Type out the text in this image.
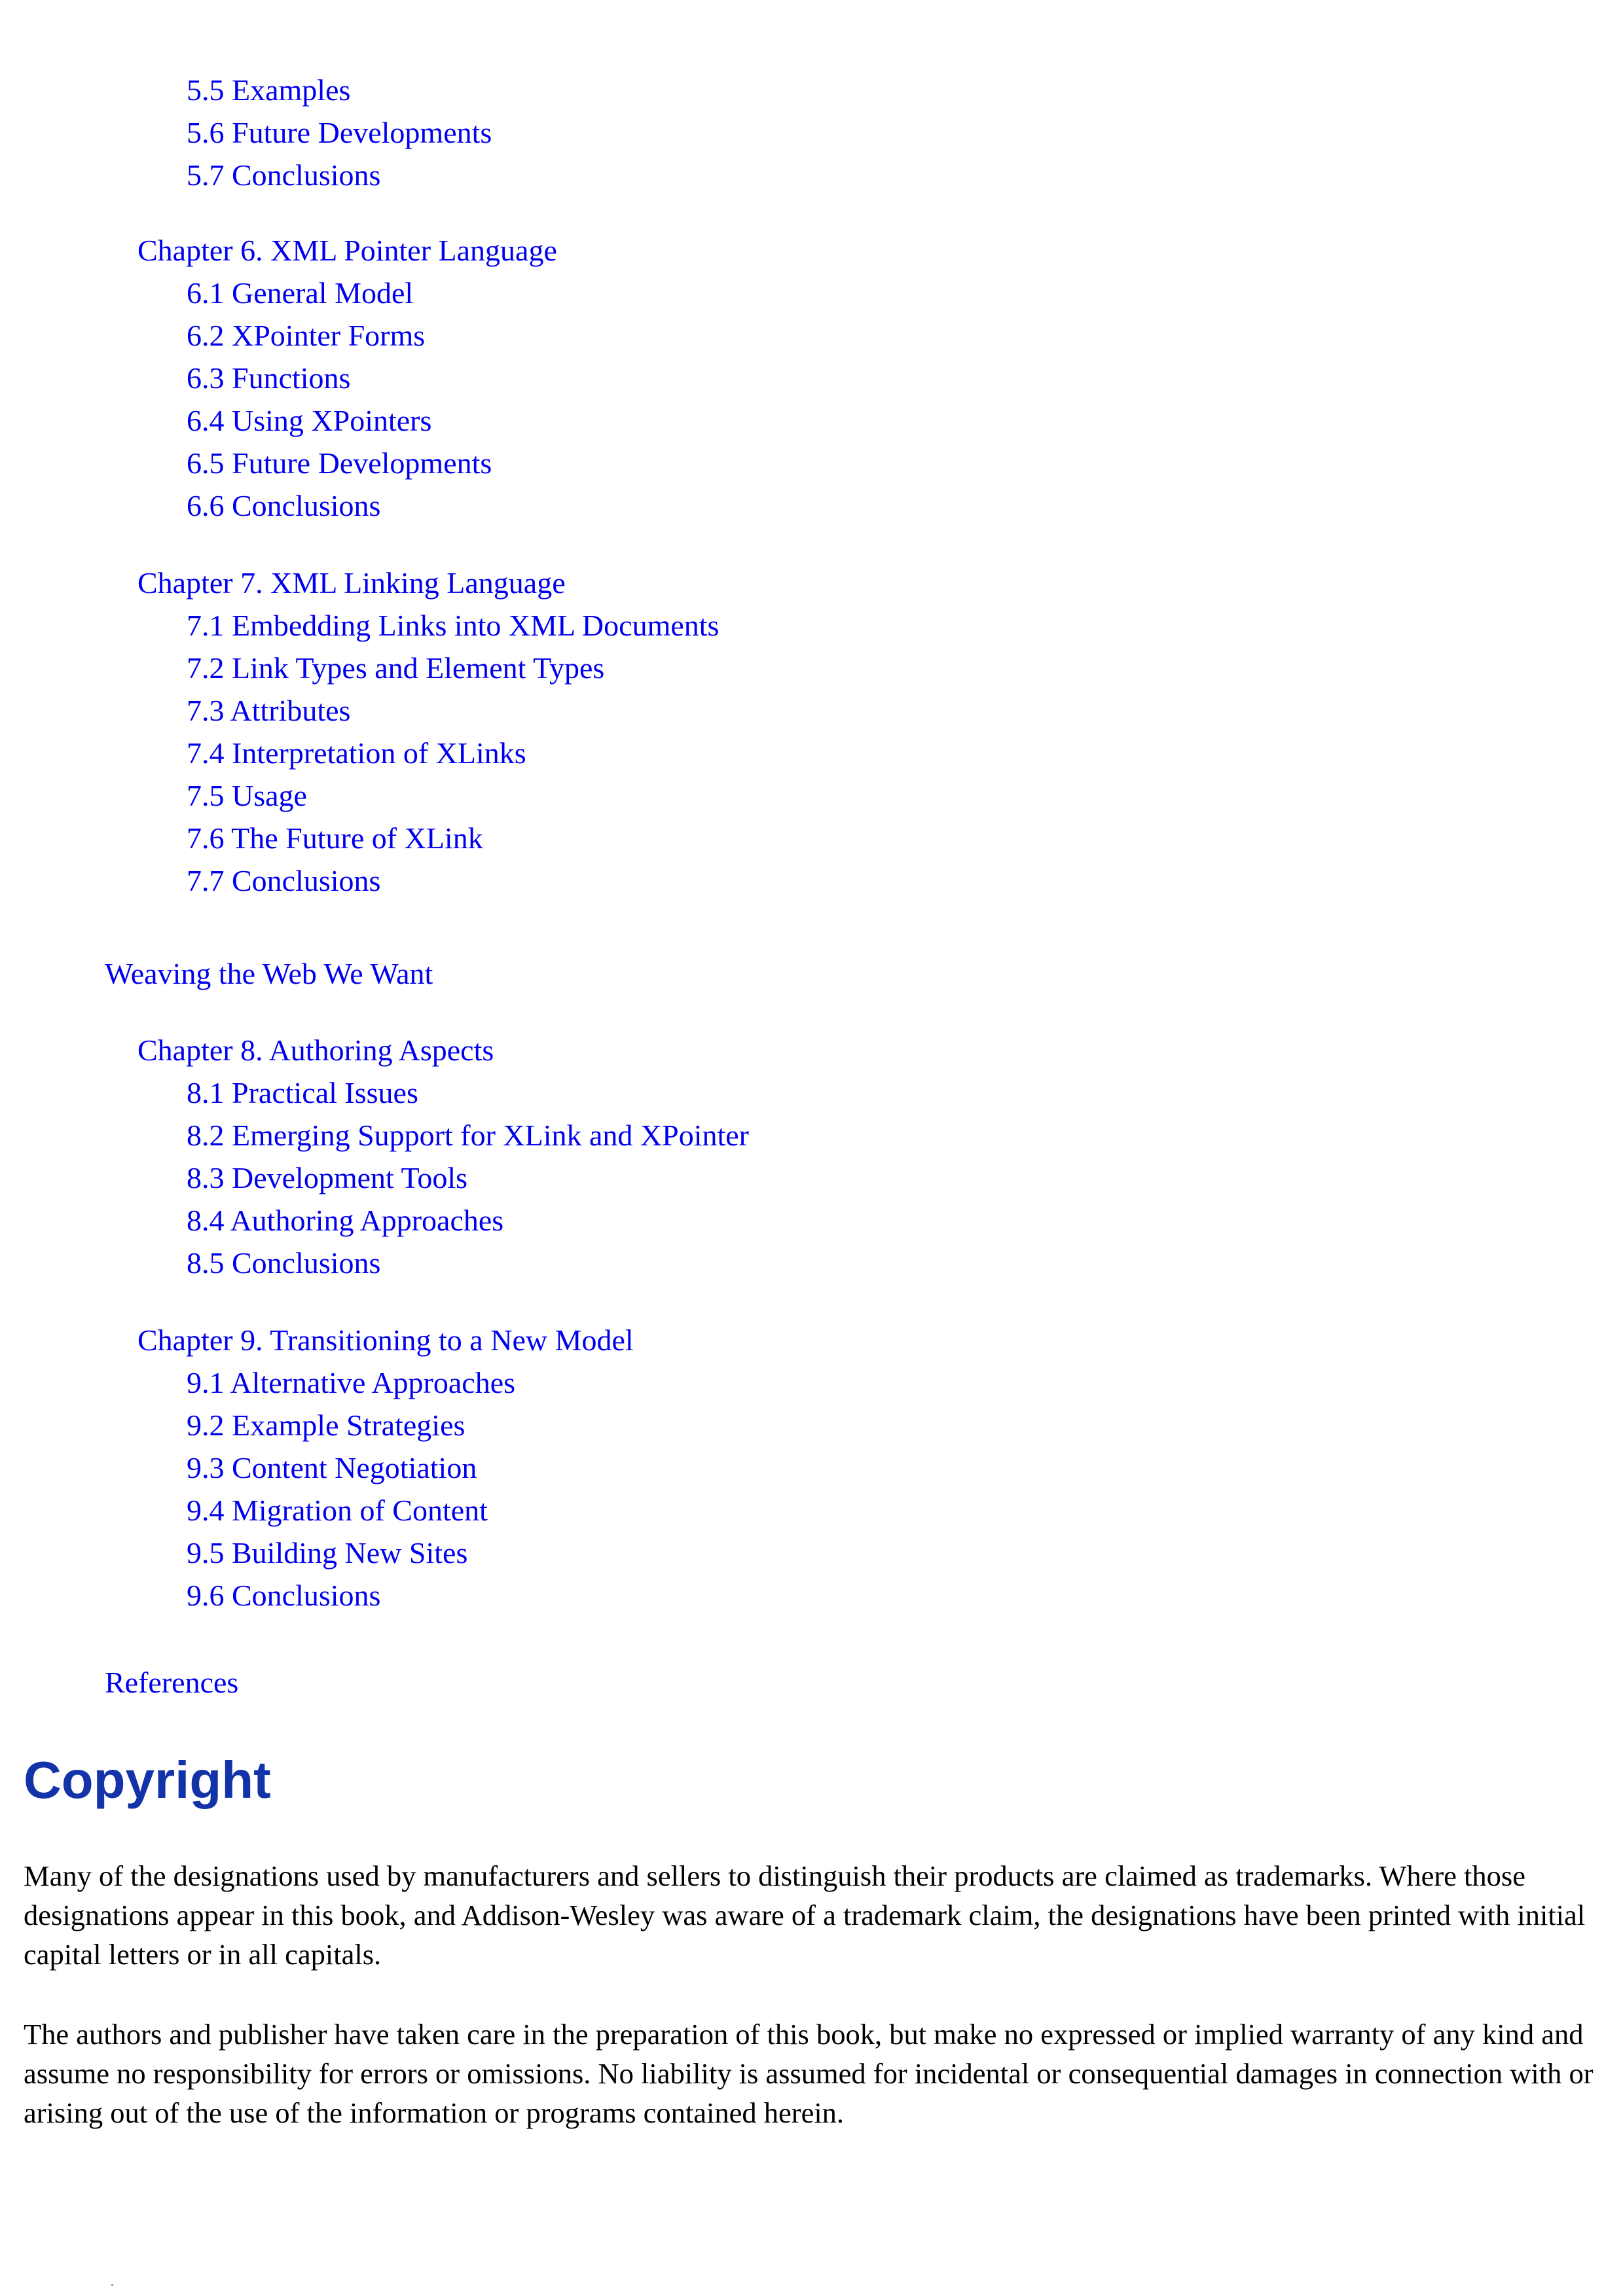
5.5 Examples
5.6 Future Developments
5.7 Conclusions
Chapter 6. XML Pointer Language
6.1 General Model
6.2 XPointer Forms
6.3 Functions
6.4 Using XPointers
6.5 Future Developments
6.6 Conclusions
Chapter 7. XML Linking Language
7.1 Embedding Links into XML Documents
7.2 Link Types and Element Types
7.3 Attributes
7.4 Interpretation of XLinks
7.5 Usage
7.6 The Future of XLink
7.7 Conclusions
Weaving the Web We Want
Chapter 8. Authoring Aspects
8.1 Practical Issues
8.2 Emerging Support for XLink and XPointer
8.3 Development Tools
8.4 Authoring Approaches
8.5 Conclusions
Chapter 9. Transitioning to a New Model
9.1 Alternative Approaches
9.2 Example Strategies
9.3 Content Negotiation
9.4 Migration of Content
9.5 Building New Sites
9.6 Conclusions
References
Copyright

Many of the designations used by manufacturers and sellers to distinguish their products are claimed as trademarks. Where those designations appear in this book, and Addison-Wesley was aware of a trademark claim, the designations have been printed with initial capital letters or in all capitals.

The authors and publisher have taken care in the preparation of this book, but make no expressed or implied warranty of any kind and assume no responsibility for errors or omissions. No liability is assumed for incidental or consequential damages in connection with or arising out of the use of the information or programs contained herein.
